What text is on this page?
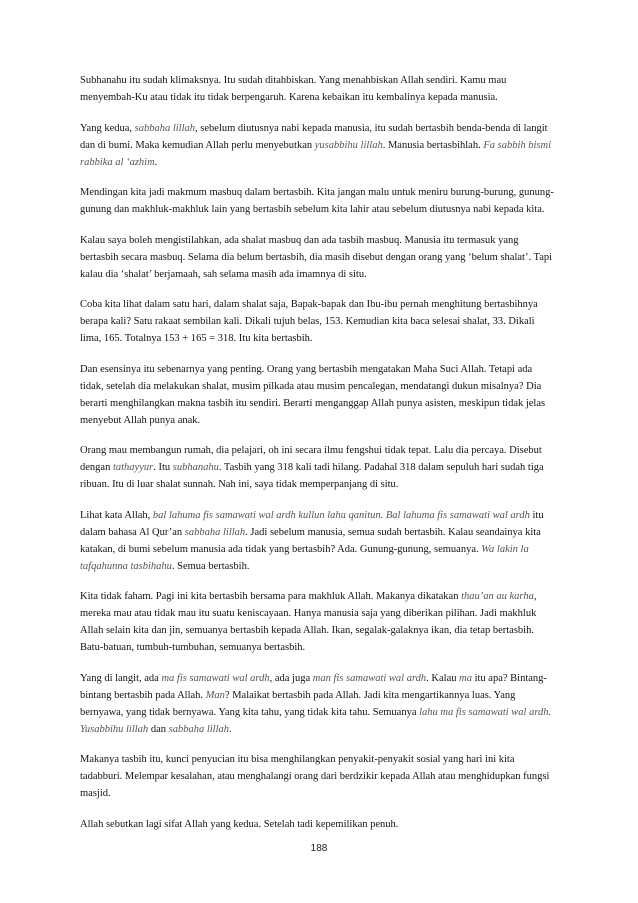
Subhanahu itu sudah klimaksnya. Itu sudah ditahbiskan. Yang menahbiskan Allah sendiri. Kamu mau menyembah-Ku atau tidak itu tidak berpengaruh. Karena kebaikan itu kembalinya kepada manusia.

Yang kedua, sabbaha lillah, sebelum diutusnya nabi kepada manusia, itu sudah bertasbih benda-benda di langit dan di bumi. Maka kemudian Allah perlu menyebutkan yusabbihu lillah. Manusia bertasbihlah. Fa sabbih bismi rabbika al ‘azhim.

Mendingan kita jadi makmum masbuq dalam bertasbih. Kita jangan malu untuk meniru burung-burung, gunung-gunung dan makhluk-makhluk lain yang bertasbih sebelum kita lahir atau sebelum diutusnya nabi kepada kita.

Kalau saya boleh mengistilahkan, ada shalat masbuq dan ada tasbih masbuq. Manusia itu termasuk yang bertasbih secara masbuq. Selama dia belum bertasbih, dia masih disebut dengan orang yang ‘belum shalat’. Tapi kalau dia ‘shalat’ berjamaah, sah selama masih ada imamnya di situ.

Coba kita lihat dalam satu hari, dalam shalat saja, Bapak-bapak dan Ibu-ibu pernah menghitung bertasbihnya berapa kali? Satu rakaat sembilan kali. Dikali tujuh belas, 153. Kemudian kita baca selesai shalat, 33. Dikali lima, 165. Totalnya 153 + 165 = 318. Itu kita bertasbih.

Dan esensinya itu sebenarnya yang penting. Orang yang bertasbih mengatakan Maha Suci Allah. Tetapi ada tidak, setelah dia melakukan shalat, musim pilkada atau musim pencalegan, mendatangi dukun misalnya? Dia berarti menghilangkan makna tasbih itu sendiri. Berarti menganggap Allah punya asisten, meskipun tidak jelas menyebut Allah punya anak.

Orang mau membangun rumah, dia pelajari, oh ini secara ilmu fengshui tidak tepat. Lalu dia percaya. Disebut dengan tathayyur. Itu subhanahu. Tasbih yang 318 kali tadi hilang. Padahal 318 dalam sepuluh hari sudah tiga ribuan. Itu di luar shalat sunnah. Nah ini, saya tidak memperpanjang di situ.

Lihat kata Allah, bal lahuma fis samawati wal ardh kullun lahu qanitun. Bal lahuma fis samawati wal ardh itu dalam bahasa Al Qur’an sabbaha lillah. Jadi sebelum manusia, semua sudah bertasbih. Kalau seandainya kita katakan, di bumi sebelum manusia ada tidak yang bertasbih? Ada. Gunung-gunung, semuanya. Wa lakin la tafqahunna tasbihahu. Semua bertasbih.

Kita tidak faham. Pagi ini kita bertasbih bersama para makhluk Allah. Makanya dikatakan thau’an au karha, mereka mau atau tidak mau itu suatu keniscayaan. Hanya manusia saja yang diberikan pilihan. Jadi makhluk Allah selain kita dan jin, semuanya bertasbih kepada Allah. Ikan, segalak-galaknya ikan, dia tetap bertasbih. Batu-batuan, tumbuh-tumbuhan, semuanya bertasbih.

Yang di langit, ada ma fis samawati wal ardh, ada juga man fis samawati wal ardh. Kalau ma itu apa? Bintang-bintang bertasbih pada Allah. Man? Malaikat bertasbih pada Allah. Jadi kita mengartikannya luas. Yang bernyawa, yang tidak bernyawa. Yang kita tahu, yang tidak kita tahu. Semuanya lahu ma fis samawati wal ardh. Yusabbihu lillah dan sabbaha lillah.

Makanya tasbih itu, kunci penyucian itu bisa menghilangkan penyakit-penyakit sosial yang hari ini kita tadabburi. Melempar kesalahan, atau menghalangi orang dari berdzikir kepada Allah atau menghidupkan fungsi masjid.

Allah sebutkan lagi sifat Allah yang kedua. Setelah tadi kepemilikan penuh.

188
